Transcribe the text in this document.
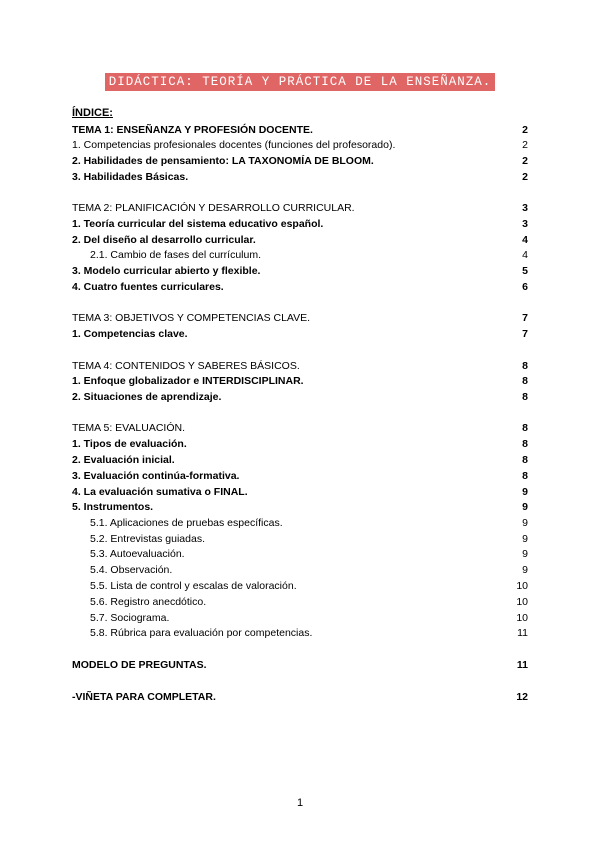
DIDÁCTICA: TEORÍA Y PRÁCTICA DE LA ENSEÑANZA.
ÍNDICE:
TEMA 1: ENSEÑANZA Y PROFESIÓN DOCENTE.	2
1. Competencias profesionales docentes (funciones del profesorado).	2
2. Habilidades de pensamiento: LA TAXONOMÍA DE BLOOM.	2
3. Habilidades Básicas.	2
TEMA 2: PLANIFICACIÓN Y DESARROLLO CURRICULAR.	3
1. Teoría curricular del sistema educativo español.	3
2. Del diseño al desarrollo curricular.	4
2.1. Cambio de fases del currículum.	4
3. Modelo curricular abierto y flexible.	5
4. Cuatro fuentes curriculares.	6
TEMA 3: OBJETIVOS Y COMPETENCIAS CLAVE.	7
1. Competencias clave.	7
TEMA 4: CONTENIDOS Y SABERES BÁSICOS.	8
1. Enfoque globalizador e INTERDISCIPLINAR.	8
2. Situaciones de aprendizaje.	8
TEMA 5: EVALUACIÓN.	8
1. Tipos de evaluación.	8
2. Evaluación inicial.	8
3. Evaluación continúa-formativa.	8
4. La evaluación sumativa o FINAL.	9
5. Instrumentos.	9
5.1. Aplicaciones de pruebas específicas.	9
5.2. Entrevistas guiadas.	9
5.3. Autoevaluación.	9
5.4. Observación.	9
5.5. Lista de control y escalas de valoración.	10
5.6. Registro anecdótico.	10
5.7. Sociograma.	10
5.8. Rúbrica para evaluación por competencias.	11
MODELO DE PREGUNTAS.	11
-VIÑETA PARA COMPLETAR.	12
1
